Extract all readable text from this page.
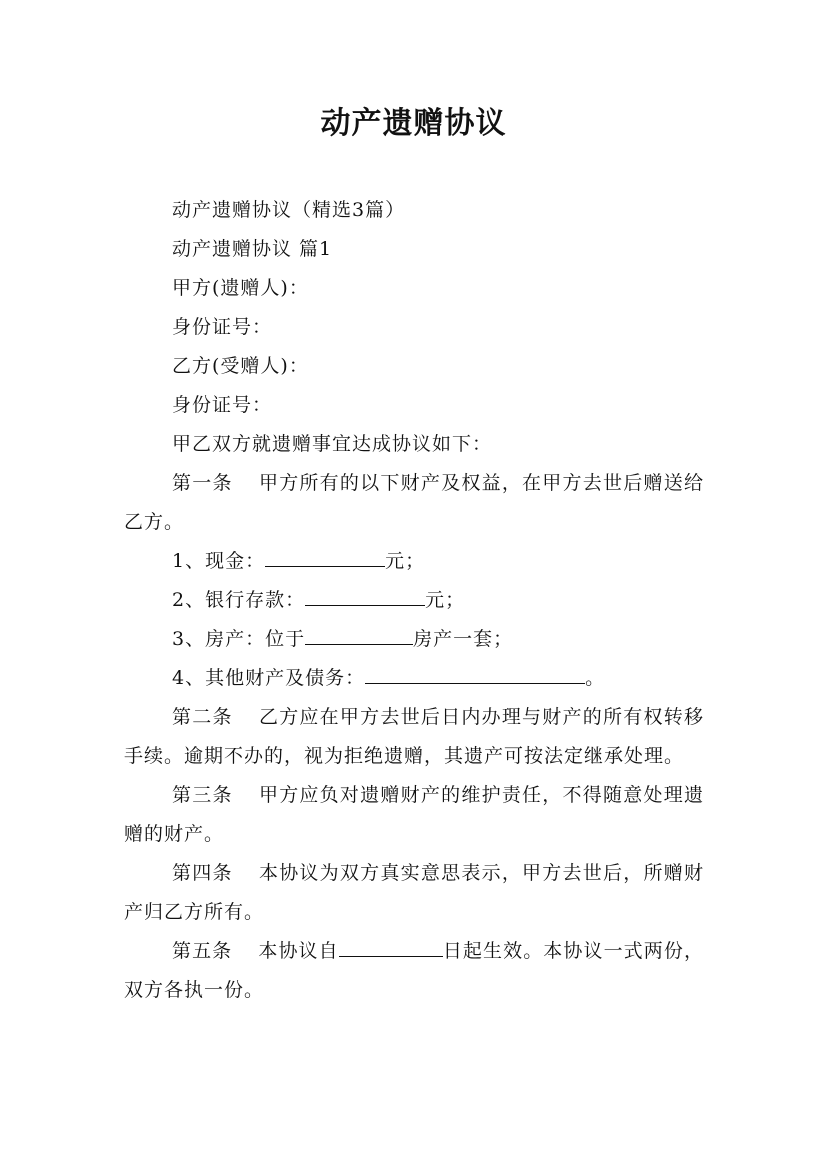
动产遗赠协议

动产遗赠协议（精选3篇）

动产遗赠协议 篇1

甲方(遗赠人)：

身份证号：

乙方(受赠人)：

身份证号：

甲乙双方就遗赠事宜达成协议如下：

第一条 甲方所有的以下财产及权益，在甲方去世后赠送给乙方。

1、现金：	元；

2、银行存款：	元；

3、房产：位于	房产一套；

4、其他财产及债务：	。

第二条 乙方应在甲方去世后日内办理与财产的所有权转移手续。逾期不办的，视为拒绝遗赠，其遗产可按法定继承处理。

第三条 甲方应负对遗赠财产的维护责任，不得随意处理遗赠的财产。

第四条 本协议为双方真实意思表示，甲方去世后，所赠财产归乙方所有。

第五条 本协议自	日起生效。本协议一式两份，双方各执一份。
